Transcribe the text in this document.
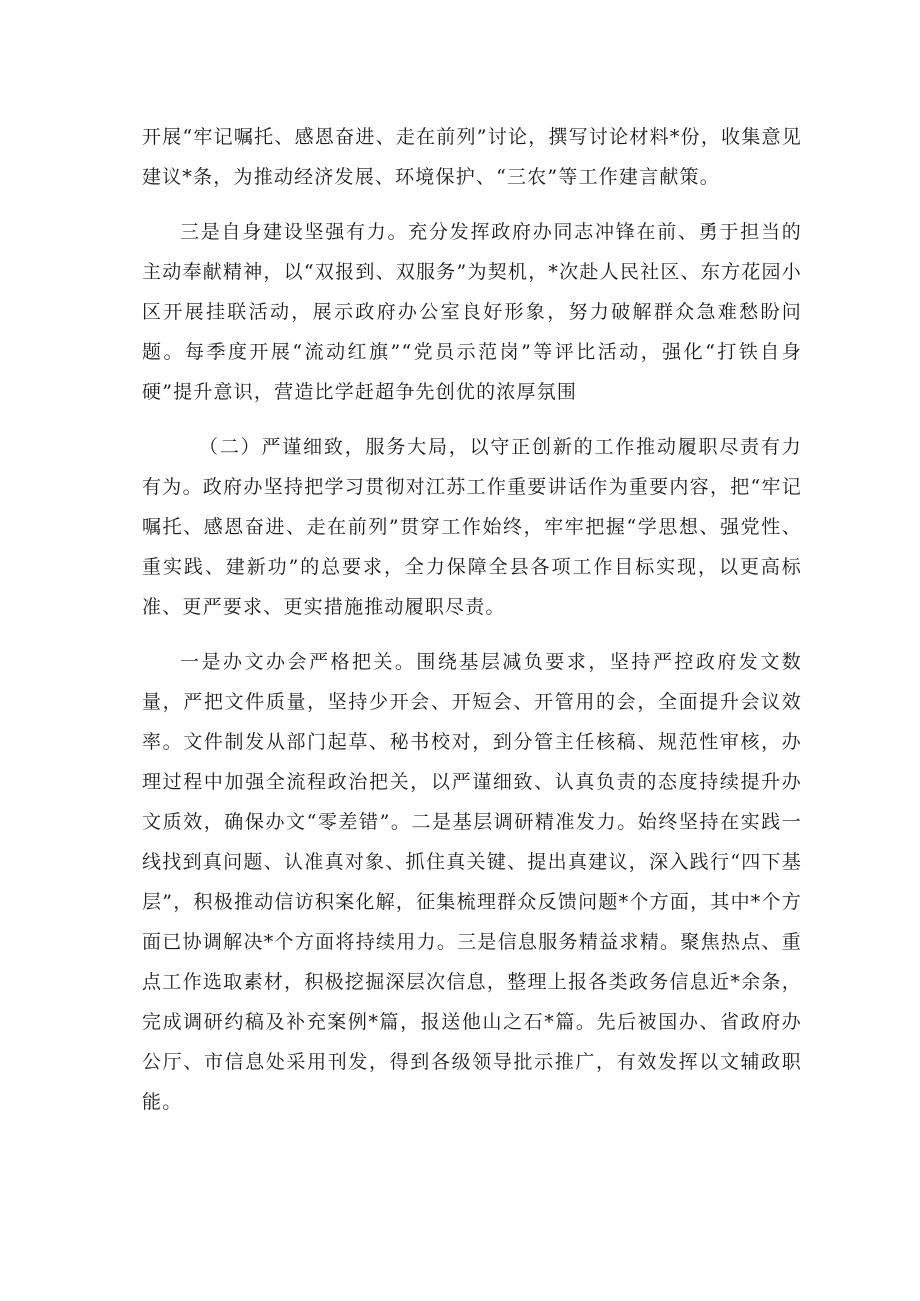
开展“牢记嘱托、感恩奋进、走在前列”讨论，撰写讨论材料*份，收集意见建议*条，为推动经济发展、环境保护、“三农”等工作建言献策。

三是自身建设坚强有力。充分发挥政府办同志冲锋在前、勇于担当的主动奉献精神，以“双报到、双服务”为契机，*次赴人民社区、东方花园小区开展挂联活动，展示政府办公室良好形象，努力破解群众急难愁盼问题。每季度开展“流动红旗”“党员示范岗”等评比活动，强化“打铁自身硬”提升意识，营造比学赶超争先创优的浓厚氛围

（二）严谨细致，服务大局，以守正创新的工作推动履职尽责有力有为。政府办坚持把学习贯彻对江苏工作重要讲话作为重要内容，把“牢记嘱托、感恩奋进、走在前列”贯穿工作始终，牢牢把握“学思想、强党性、重实践、建新功”的总要求，全力保障全县各项工作目标实现，以更高标准、更严要求、更实措施推动履职尽责。

一是办文办会严格把关。围绕基层减负要求，坚持严控政府发文数量，严把文件质量，坚持少开会、开短会、开管用的会，全面提升会议效率。文件制发从部门起草、秘书校对，到分管主任核稿、规范性审核，办理过程中加强全流程政治把关，以严谨细致、认真负责的态度持续提升办文质效，确保办文“零差错”。二是基层调研精准发力。始终坚持在实践一线找到真问题、认准真对象、抓住真关键、提出真建议，深入践行“四下基层”，积极推动信访积案化解，征集梳理群众反馈问题*个方面，其中*个方面已协调解决*个方面将持续用力。三是信息服务精益求精。聚焦热点、重点工作选取素材，积极挖掘深层次信息，整理上报各类政务信息近*余条，完成调研约稿及补充案例*篇，报送他山之石*篇。先后被国办、省政府办公厅、市信息处采用刊发，得到各级领导批示推广，有效发挥以文辅政职能。
